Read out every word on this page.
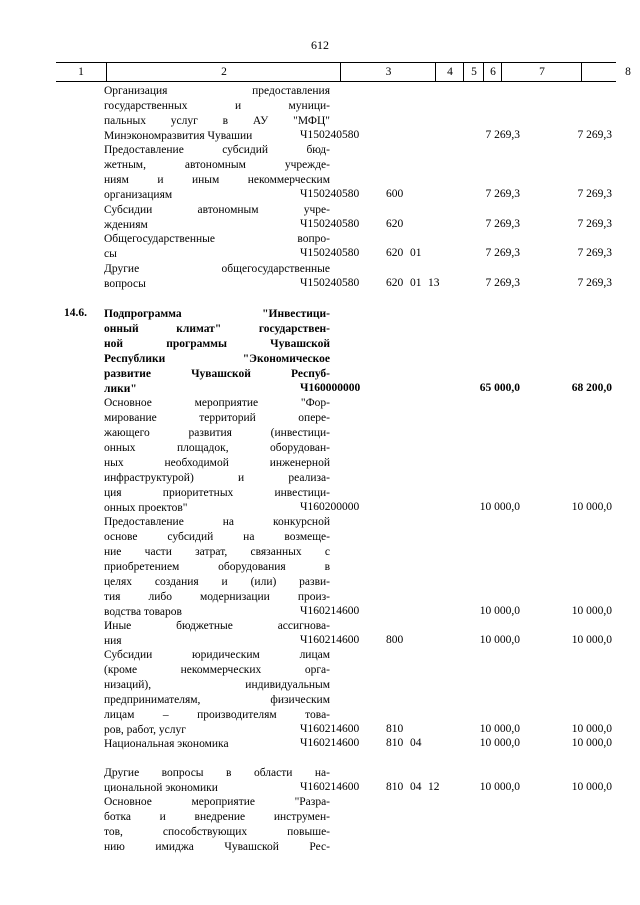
612
1	2	3	4	5	6	7	8
Организация предоставления
государственных и муници-
пальных услуг в АУ "МФЦ"
Минэкономразвития Чувашии	Ч150240580	7 269,3	7 269,3
Предоставление субсидий бюд-
жетным, автономным учрежде-
ниям и иным некоммерческим
организациям	Ч150240580	600	7 269,3	7 269,3
Субсидии автономным учре-
ждениям	Ч150240580	620	7 269,3	7 269,3
Общегосударственные вопро-
сы	Ч150240580	620 01	7 269,3	7 269,3
Другие общегосударственные
вопросы	Ч150240580	620 01 13	7 269,3	7 269,3
14.6.	Подпрограмма "Инвестици-
онный климат" государствен-
ной программы Чувашской
Республики "Экономическое
развитие Чувашской Респуб-
лики"	Ч160000000	65 000,0	68 200,0
Основное мероприятие "Фор-
мирование территорий опере-
жающего развития (инвестици-
онных площадок, оборудован-
ных необходимой инженерной
инфраструктурой) и реализа-
ция приоритетных инвестици-
онных проектов"	Ч160200000	10 000,0	10 000,0
Предоставление на конкурсной
основе субсидий на возмеще-
ние части затрат, связанных с
приобретением оборудования в
целях создания и (или) разви-
тия либо модернизации произ-
водства товаров	Ч160214600	10 000,0	10 000,0
Иные бюджетные ассигнова-
ния	Ч160214600	800	10 000,0	10 000,0
Субсидии юридическим лицам
(кроме некоммерческих орга-
низаций), индивидуальным
предпринимателям, физическим
лицам – производителям това-
ров, работ, услуг	Ч160214600	810	10 000,0	10 000,0
Национальная экономика	Ч160214600	810 04	10 000,0	10 000,0
Другие вопросы в области на-
циональной экономики	Ч160214600	810 04 12	10 000,0	10 000,0
Основное мероприятие "Разра-
ботка и внедрение инструмен-
тов, способствующих повыше-
нию имиджа Чувашской Рес-
